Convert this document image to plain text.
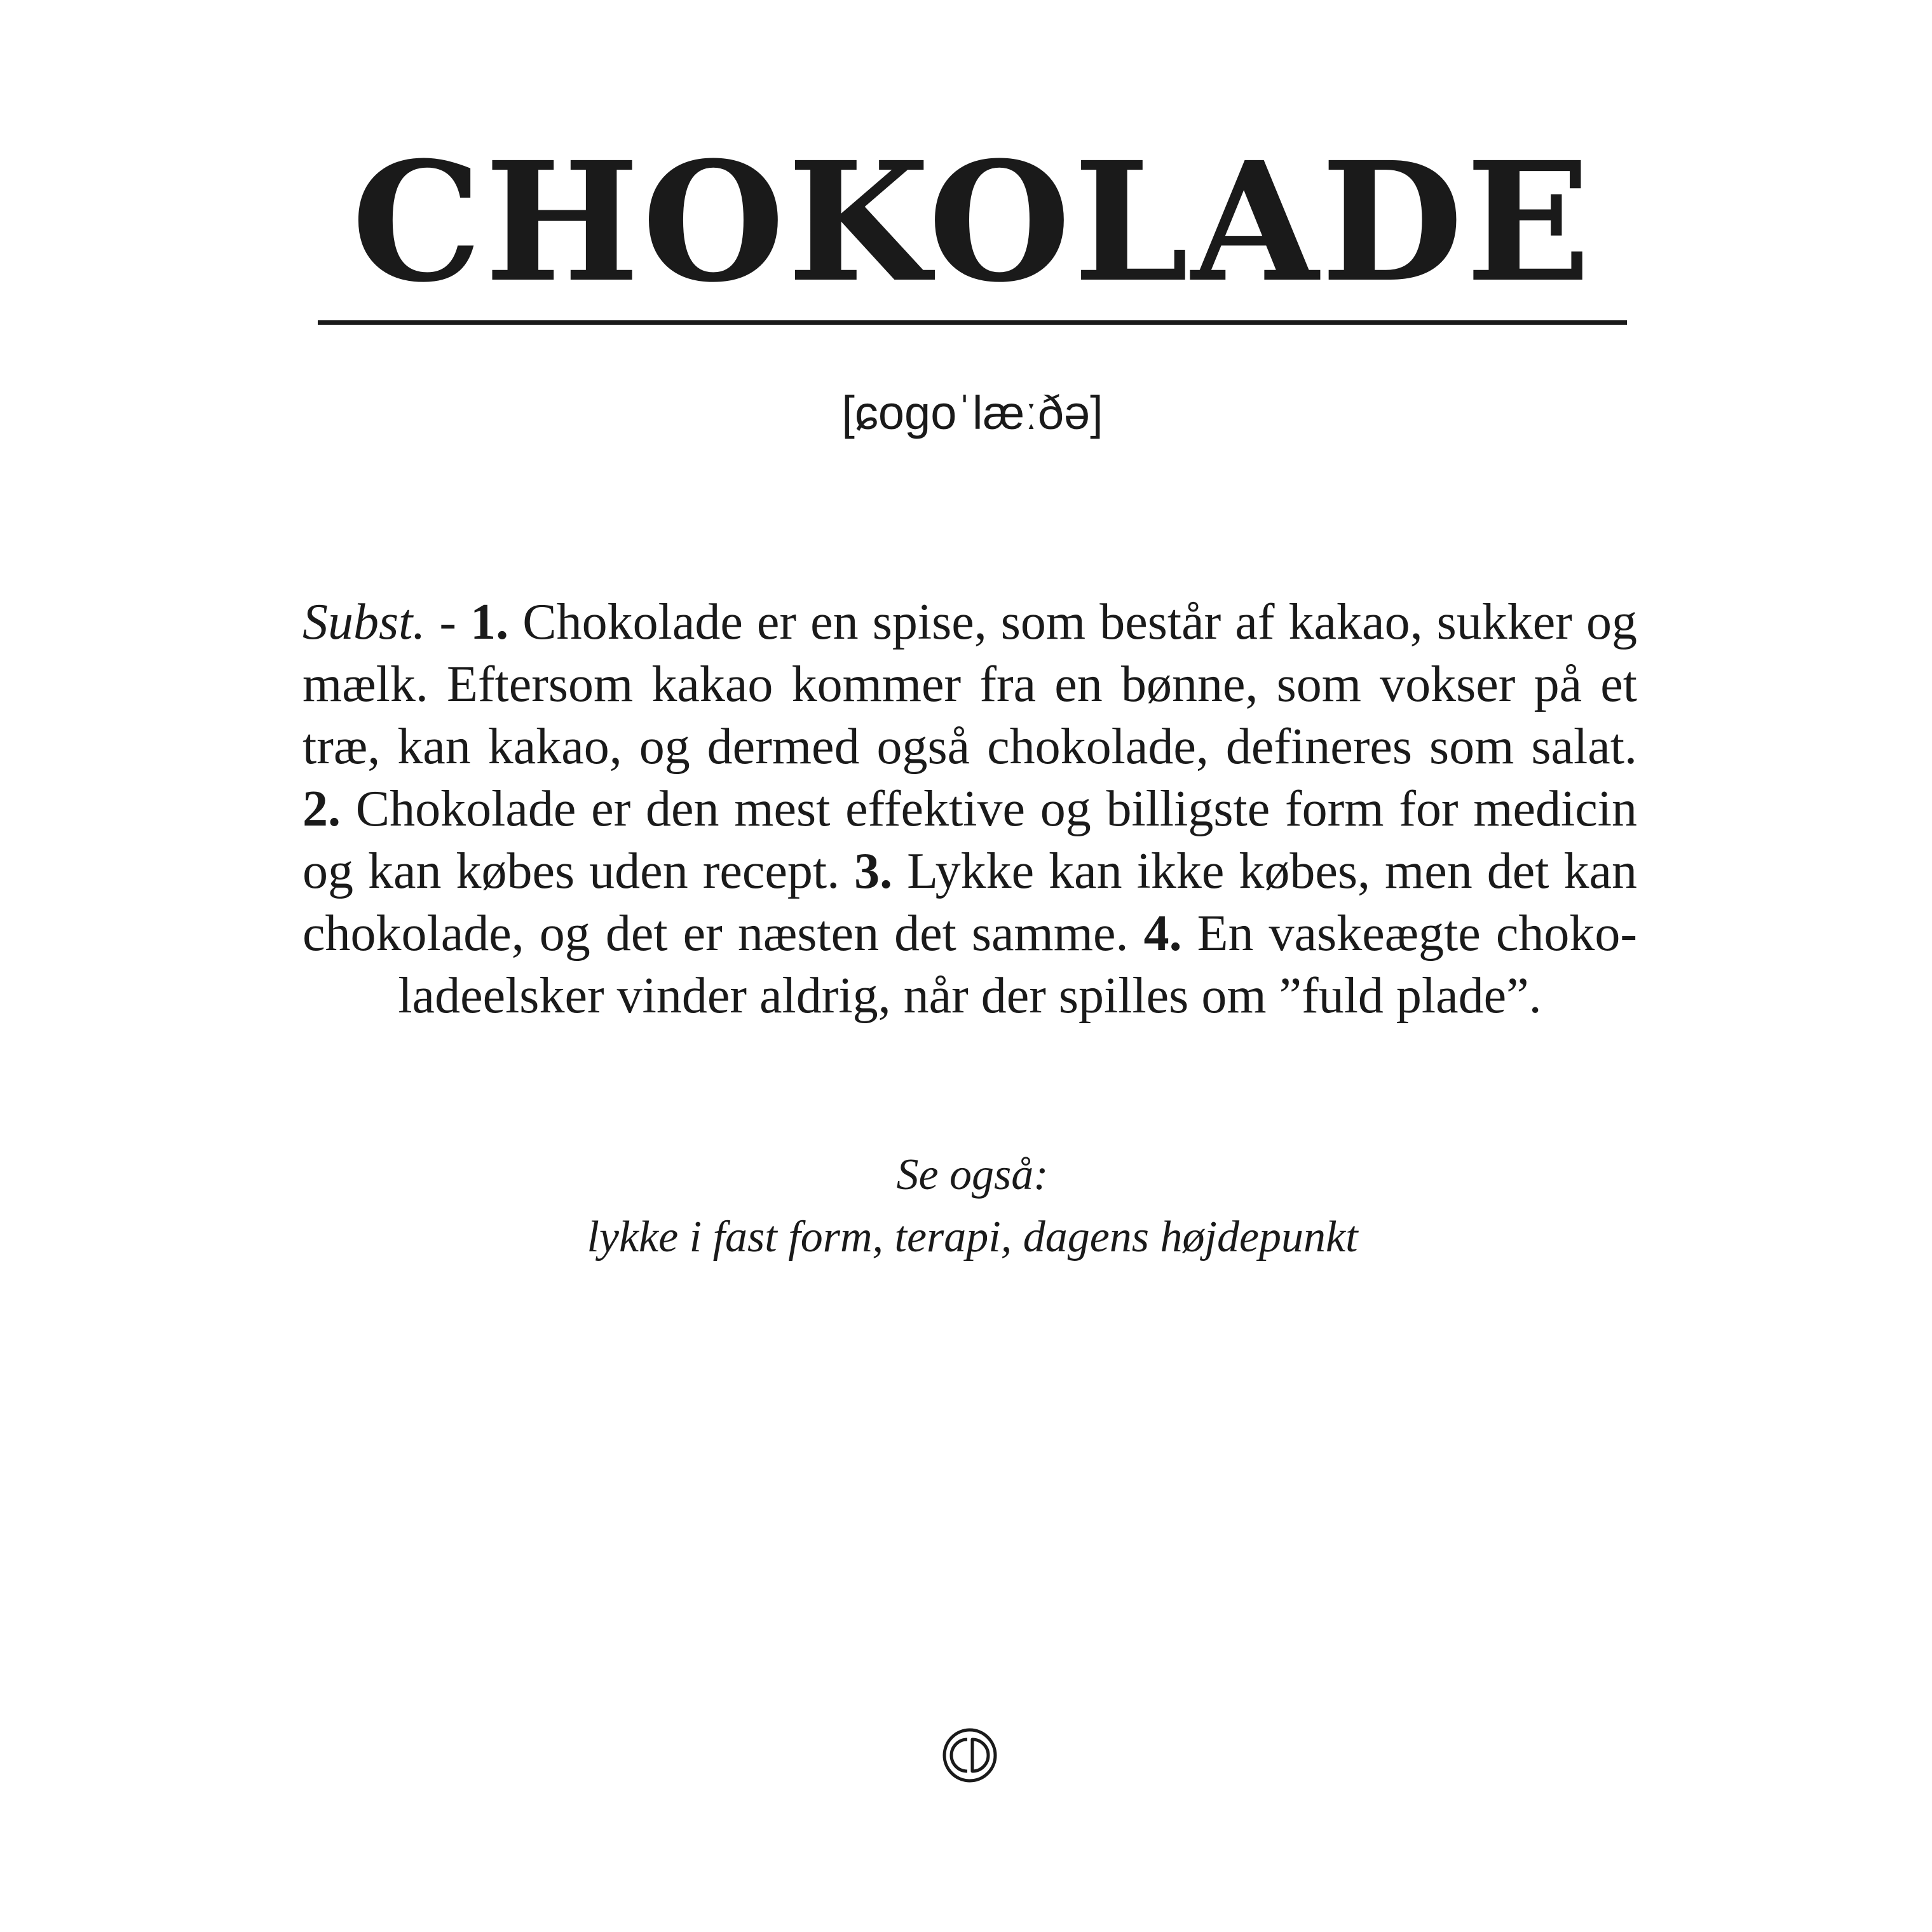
CHOKOLADE
[ɕogoˈlæːðə]

Subst. - 1. Chokolade er en spise, som består af kakao, sukker og mælk. Eftersom kakao kommer fra en bønne, som vokser på et træ, kan kakao, og dermed også chokolade, defineres som salat. 2. Chokolade er den mest effektive og billigste form for medicin og kan købes uden recept. 3. Lykke kan ikke købes, men det kan chokolade, og det er næsten det samme. 4. En vaskeægte chokoladeelsker vinder aldrig, når der spilles om ”fuld plade”.

Se også:
lykke i fast form, terapi, dagens højdepunkt
